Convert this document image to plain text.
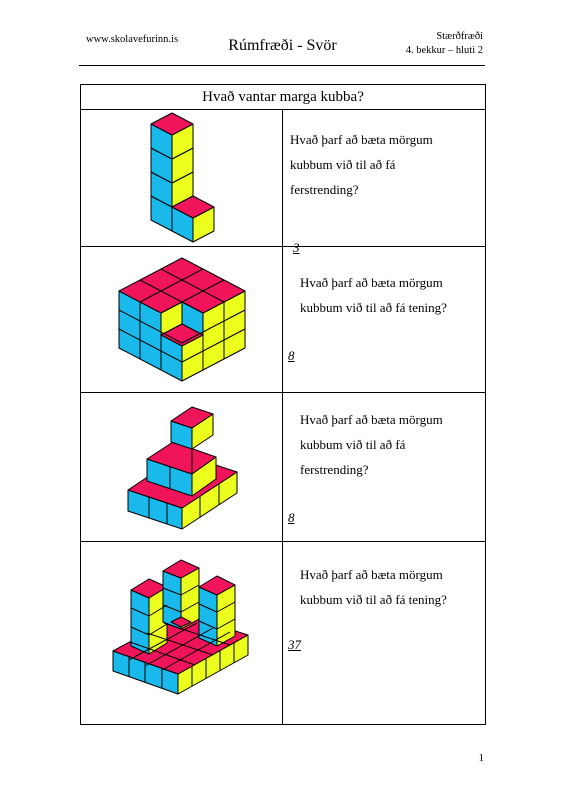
www.skolavefurinn.is	Rúmfræði - Svör
Stærðfræði
4. bekkur – hluti 2
Hvað vantar marga kubba?	

Hvað þarf að bæta mörgum
kubbum við til að fá
ferstrending?
3

Hvað þarf að bæta mörgum
kubbum við til að fá tening?
8

Hvað þarf að bæta mörgum
kubbum við til að fá
ferstrending?
8

Hvað þarf að bæta mörgum
kubbum við til að fá tening?
37
1
